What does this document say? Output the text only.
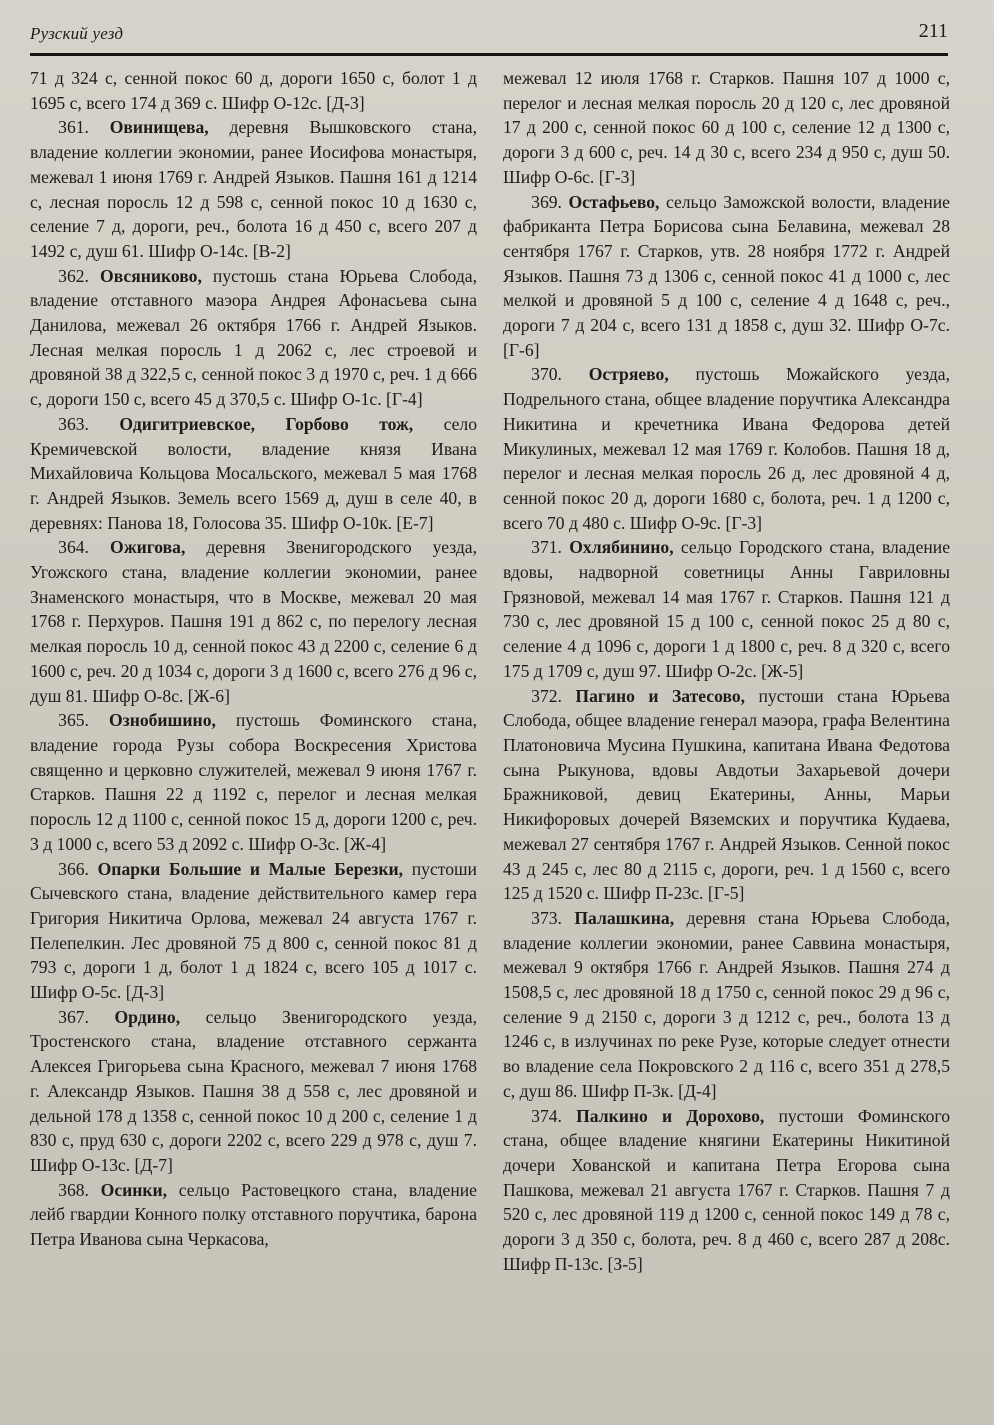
Рузский уезд	211

71 д 324 с, сенной покос 60 д, дороги 1650 с, болот 1 д 1695 с, всего 174 д 369 с. Шифр О-12с. [Д-3]

361. Овинищева, деревня Вышковского стана, владение коллегии экономии, ранее Иосифова монастыря, межевал 1 июня 1769 г. Андрей Языков. Пашня 161 д 1214 с, лесная поросль 12 д 598 с, сенной покос 10 д 1630 с, селение 7 д, дороги, реч., болота 16 д 450 с, всего 207 д 1492 с, душ 61. Шифр О-14с. [В-2]

362. Овсяниково, пустошь стана Юрьева Слобода, владение отставного маэора Андрея Афонасьева сына Данилова, межевал 26 октября 1766 г. Андрей Языков. Лесная мелкая поросль 1 д 2062 с, лес строевой и дровяной 38 д 322,5 с, сенной покос 3 д 1970 с, реч. 1 д 666 с, дороги 150 с, всего 45 д 370,5 с. Шифр О-1с. [Г-4]

363. Одигитриевское, Горбово тож, село Кремичевской волости, владение князя Ивана Михайловича Кольцова Мосальского, межевал 5 мая 1768 г. Андрей Языков. Земель всего 1569 д, душ в селе 40, в деревнях: Панова 18, Голосова 35. Шифр О-10к. [Е-7]

364. Ожигова, деревня Звенигородского уезда, Угожского стана, владение коллегии экономии, ранее Знаменского монастыря, что в Москве, межевал 20 мая 1768 г. Перхуров. Пашня 191 д 862 с, по перелогу лесная мелкая поросль 10 д, сенной покос 43 д 2200 с, селение 6 д 1600 с, реч. 20 д 1034 с, дороги 3 д 1600 с, всего 276 д 96 с, душ 81. Шифр О-8с. [Ж-6]

365. Ознобишино, пустошь Фоминского стана, владение города Рузы собора Воскресения Христова священно и церковно служителей, межевал 9 июня 1767 г. Старков. Пашня 22 д 1192 с, перелог и лесная мелкая поросль 12 д 1100 с, сенной покос 15 д, дороги 1200 с, реч. 3 д 1000 с, всего 53 д 2092 с. Шифр О-3с. [Ж-4]

366. Опарки Большие и Малые Березки, пустоши Сычевского стана, владение действительного камер гера Григория Никитича Орлова, межевал 24 августа 1767 г. Пелепелкин. Лес дровяной 75 д 800 с, сенной покос 81 д 793 с, дороги 1 д, болот 1 д 1824 с, всего 105 д 1017 с. Шифр О-5с. [Д-3]

367. Ордино, сельцо Звенигородского уезда, Тростенского стана, владение отставного сержанта Алексея Григорьева сына Красного, межевал 7 июня 1768 г. Александр Языков. Пашня 38 д 558 с, лес дровяной и дельной 178 д 1358 с, сенной покос 10 д 200 с, селение 1 д 830 с, пруд 630 с, дороги 2202 с, всего 229 д 978 с, душ 7. Шифр О-13с. [Д-7]

368. Осинки, сельцо Растовецкого стана, владение лейб гвардии Конного полку отставного поручтика, барона Петра Иванова сына Черкасова,

межевал 12 июля 1768 г. Старков. Пашня 107 д 1000 с, перелог и лесная мелкая поросль 20 д 120 с, лес дровяной 17 д 200 с, сенной покос 60 д 100 с, селение 12 д 1300 с, дороги 3 д 600 с, реч. 14 д 30 с, всего 234 д 950 с, душ 50. Шифр О-6с. [Г-3]

369. Остафьево, сельцо Заможской волости, владение фабриканта Петра Борисова сына Белавина, межевал 28 сентября 1767 г. Старков, утв. 28 ноября 1772 г. Андрей Языков. Пашня 73 д 1306 с, сенной покос 41 д 1000 с, лес мелкой и дровяной 5 д 100 с, селение 4 д 1648 с, реч., дороги 7 д 204 с, всего 131 д 1858 с, душ 32. Шифр О-7с. [Г-6]

370. Остряево, пустошь Можайского уезда, Подрельного стана, общее владение поручтика Александра Никитина и кречетника Ивана Федорова детей Микулиных, межевал 12 мая 1769 г. Колобов. Пашня 18 д, перелог и лесная мелкая поросль 26 д, лес дровяной 4 д, сенной покос 20 д, дороги 1680 с, болота, реч. 1 д 1200 с, всего 70 д 480 с. Шифр О-9с. [Г-3]

371. Охлябинино, сельцо Городского стана, владение вдовы, надворной советницы Анны Гавриловны Грязновой, межевал 14 мая 1767 г. Старков. Пашня 121 д 730 с, лес дровяной 15 д 100 с, сенной покос 25 д 80 с, селение 4 д 1096 с, дороги 1 д 1800 с, реч. 8 д 320 с, всего 175 д 1709 с, душ 97. Шифр О-2с. [Ж-5]

372. Пагино и Затесово, пустоши стана Юрьева Слобода, общее владение генерал маэора, графа Велентина Платоновича Мусина Пушкина, капитана Ивана Федотова сына Рыкунова, вдовы Авдотьи Захарьевой дочери Бражниковой, девиц Екатерины, Анны, Марьи Никифоровых дочерей Вяземских и поручтика Кудаева, межевал 27 сентября 1767 г. Андрей Языков. Сенной покос 43 д 245 с, лес 80 д 2115 с, дороги, реч. 1 д 1560 с, всего 125 д 1520 с. Шифр П-23с. [Г-5]

373. Палашкина, деревня стана Юрьева Слобода, владение коллегии экономии, ранее Саввина монастыря, межевал 9 октября 1766 г. Андрей Языков. Пашня 274 д 1508,5 с, лес дровяной 18 д 1750 с, сенной покос 29 д 96 с, селение 9 д 2150 с, дороги 3 д 1212 с, реч., болота 13 д 1246 с, в излучинах по реке Рузе, которые следует отнести во владение села Покровского 2 д 116 с, всего 351 д 278,5 с, душ 86. Шифр П-3к. [Д-4]

374. Палкино и Дорохово, пустоши Фоминского стана, общее владение княгини Екатерины Никитиной дочери Хованской и капитана Петра Егорова сына Пашкова, межевал 21 августа 1767 г. Старков. Пашня 7 д 520 с, лес дровяной 119 д 1200 с, сенной покос 149 д 78 с, дороги 3 д 350 с, болота, реч. 8 д 460 с, всего 287 д 208с. Шифр П-13с. [З-5]
